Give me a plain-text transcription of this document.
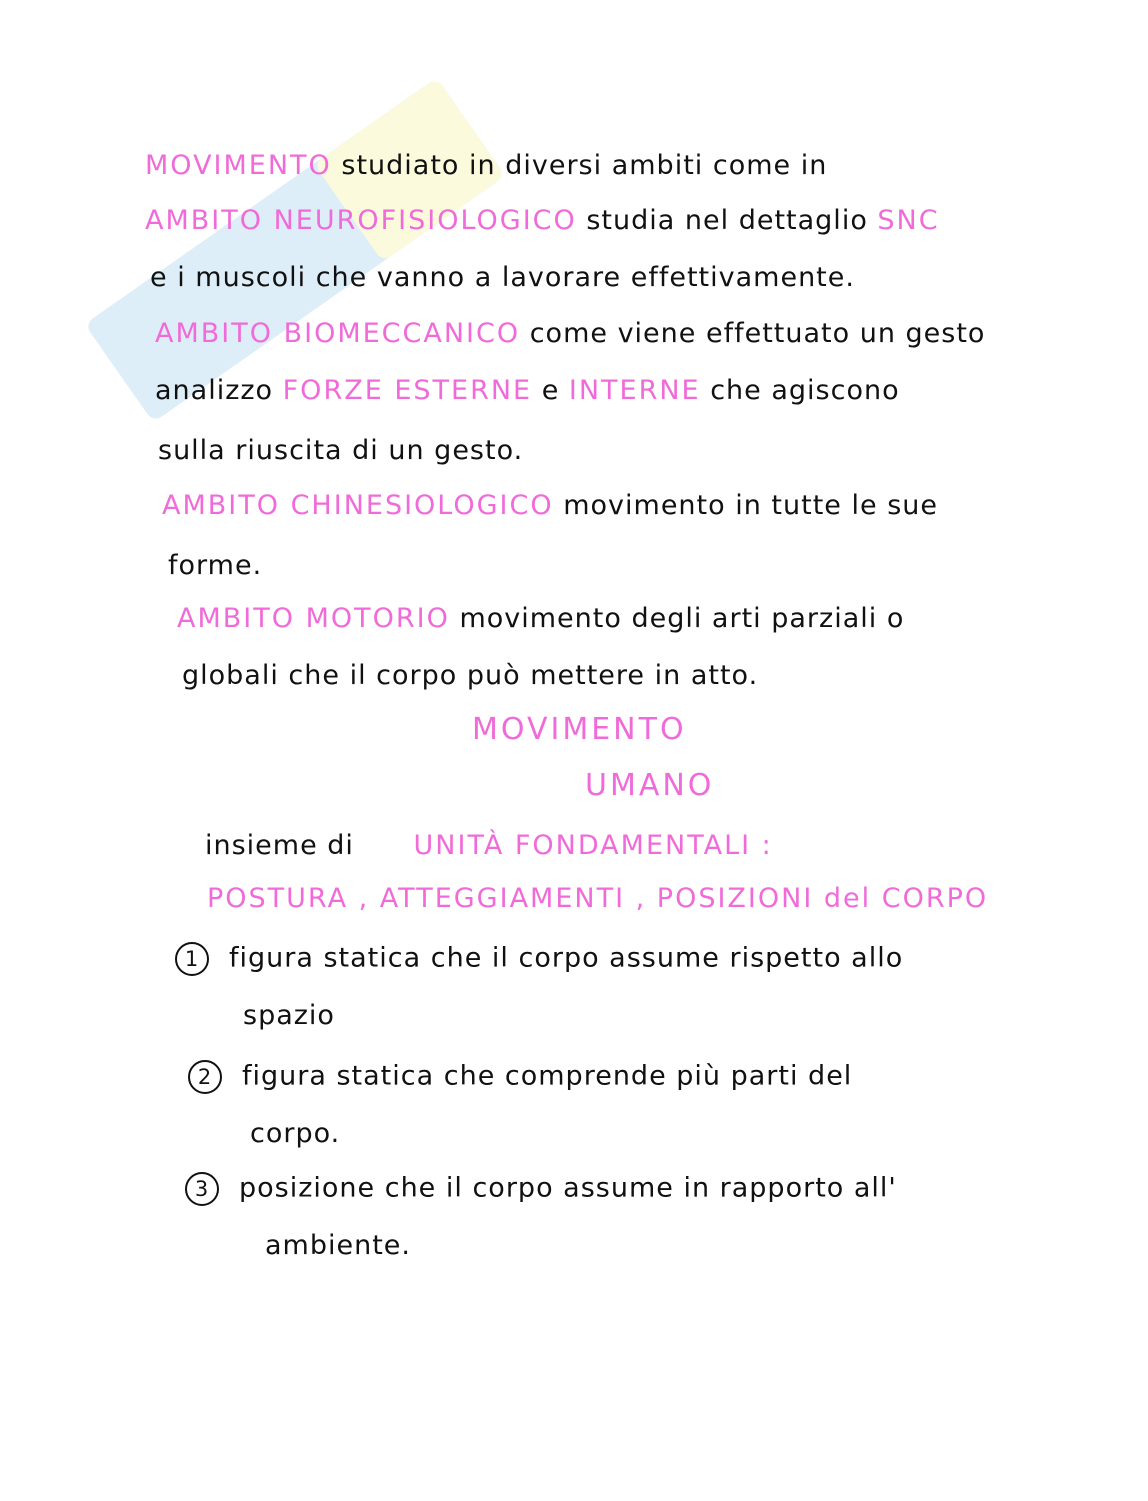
MOVIMENTO studiato in diversi ambiti come in
AMBITO NEUROFISIOLOGICO studia nel dettaglio SNC
e i muscoli che vanno a lavorare effettivamente.
AMBITO BIOMECCANICO come viene effettuato un gesto
analizzo FORZE ESTERNE e INTERNE che agiscono
sulla riuscita di un gesto.
AMBITO CHINESIOLOGICO movimento in tutte le sue
forme.
AMBITO MOTORIO movimento degli arti parziali o
globali che il corpo può mettere in atto.
MOVIMENTO
UMANO
insieme di UNITÀ FONDAMENTALI :
POSTURA , ATTEGGIAMENTI , POSIZIONI del CORPO
1 figura statica che il corpo assume rispetto allo
spazio
2 figura statica che comprende più parti del
corpo.
3 posizione che il corpo assume in rapporto all'
ambiente.
